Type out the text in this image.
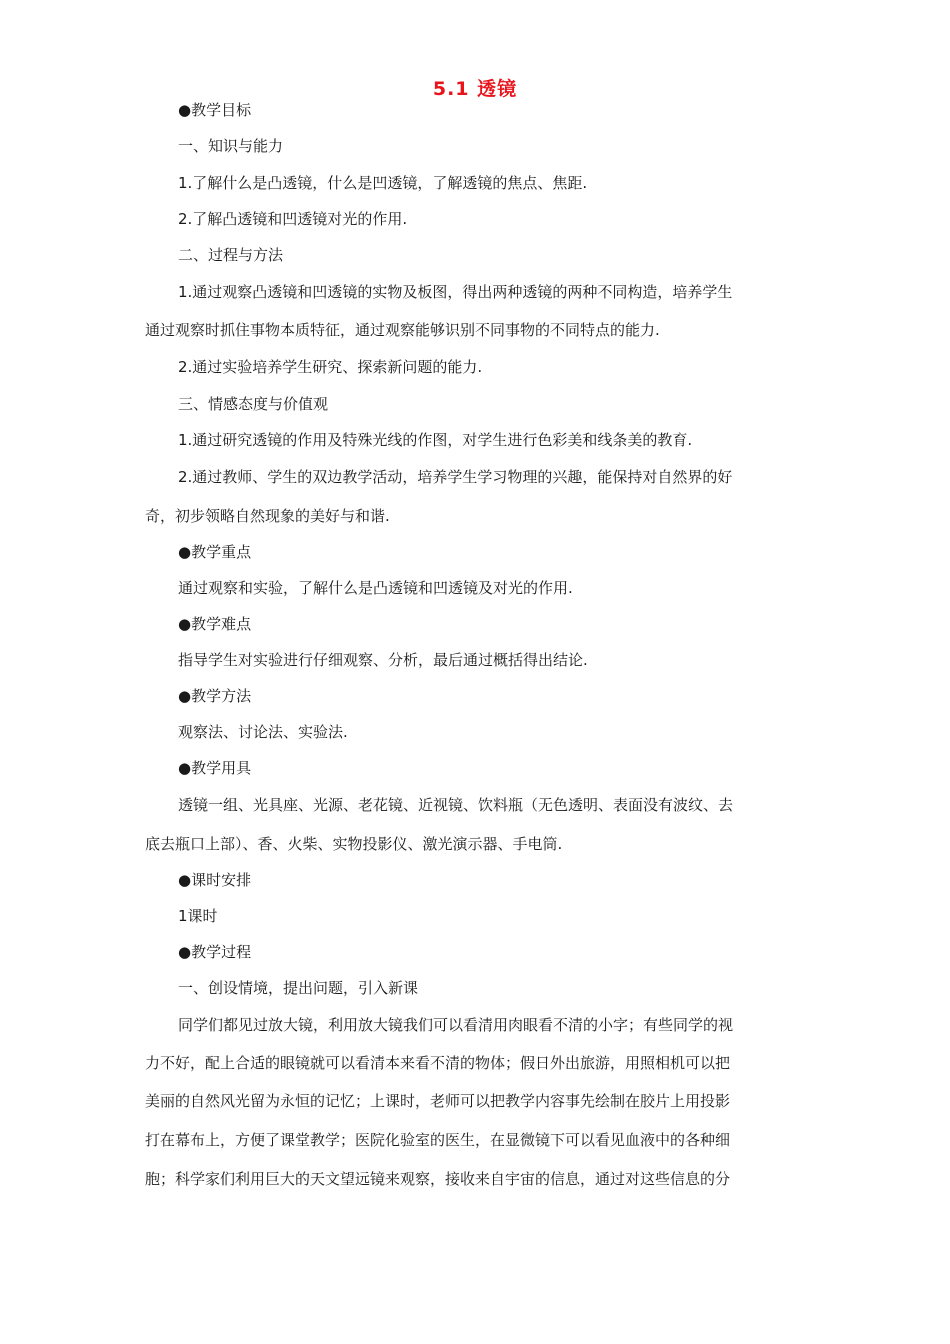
5.1 透镜
●教学目标
一、知识与能力
1.了解什么是凸透镜，什么是凹透镜，了解透镜的焦点、焦距.
2.了解凸透镜和凹透镜对光的作用.
二、过程与方法
1.通过观察凸透镜和凹透镜的实物及板图，得出两种透镜的两种不同构造，培养学生
通过观察时抓住事物本质特征，通过观察能够识别不同事物的不同特点的能力.
2.通过实验培养学生研究、探索新问题的能力.
三、情感态度与价值观
1.通过研究透镜的作用及特殊光线的作图，对学生进行色彩美和线条美的教育.
2.通过教师、学生的双边教学活动，培养学生学习物理的兴趣，能保持对自然界的好
奇，初步领略自然现象的美好与和谐.
●教学重点
通过观察和实验，了解什么是凸透镜和凹透镜及对光的作用.
●教学难点
指导学生对实验进行仔细观察、分析，最后通过概括得出结论.
●教学方法
观察法、讨论法、实验法.
●教学用具
透镜一组、光具座、光源、老花镜、近视镜、饮料瓶（无色透明、表面没有波纹、去
底去瓶口上部）、香、火柴、实物投影仪、激光演示器、手电筒.
●课时安排
1课时
●教学过程
一、创设情境，提出问题，引入新课
同学们都见过放大镜，利用放大镜我们可以看清用肉眼看不清的小字；有些同学的视
力不好，配上合适的眼镜就可以看清本来看不清的物体；假日外出旅游，用照相机可以把
美丽的自然风光留为永恒的记忆；上课时，老师可以把教学内容事先绘制在胶片上用投影
打在幕布上，方便了课堂教学；医院化验室的医生，在显微镜下可以看见血液中的各种细
胞；科学家们利用巨大的天文望远镜来观察，接收来自宇宙的信息，通过对这些信息的分
